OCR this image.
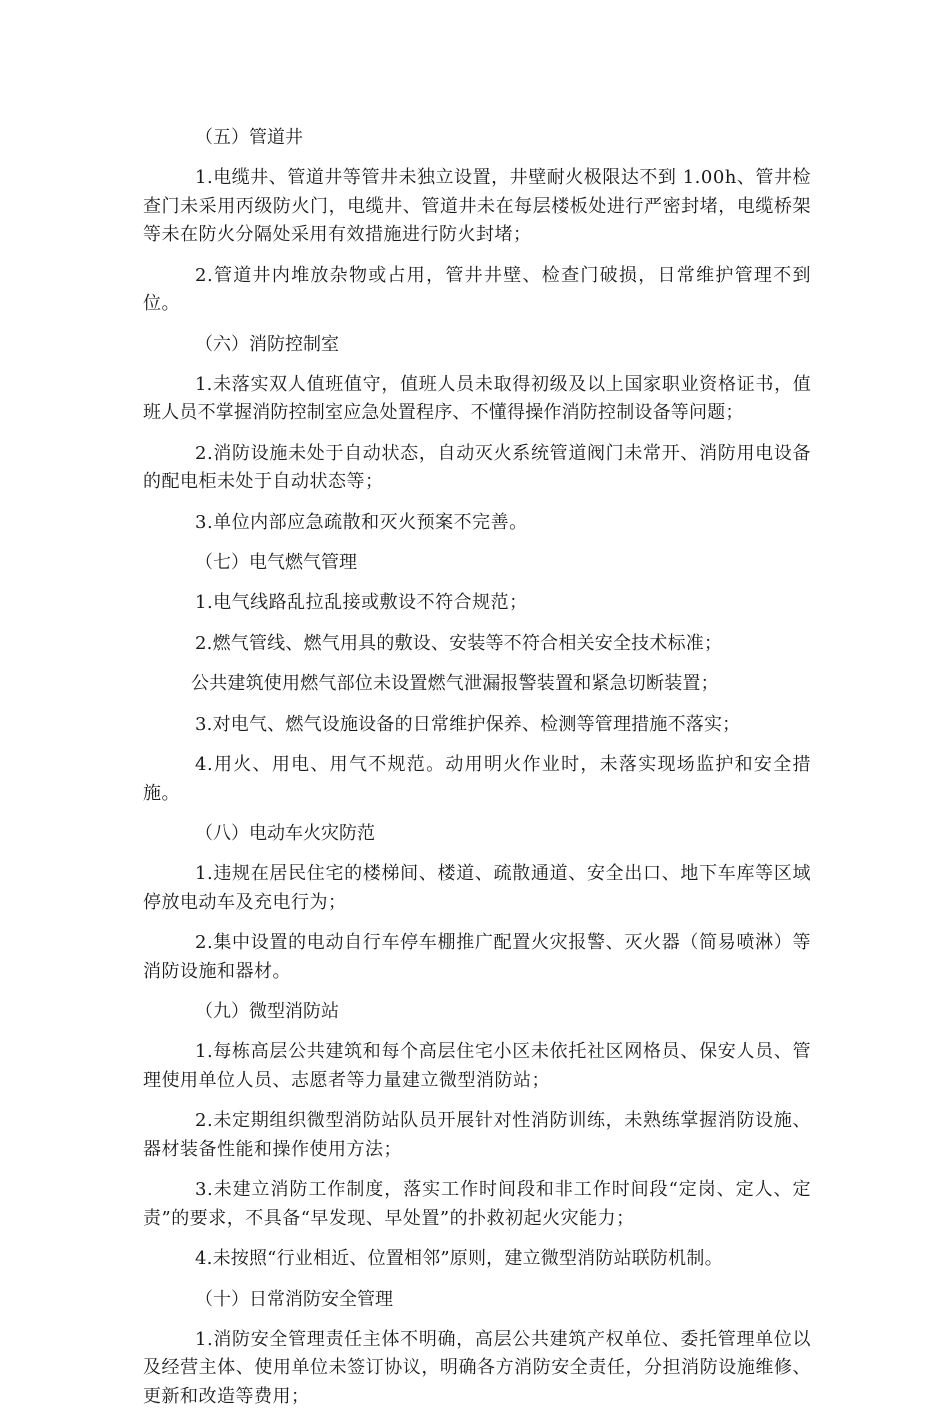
（五）管道井

1.电缆井、管道井等管井未独立设置，井壁耐火极限达不到 1.00h、管井检查门未采用丙级防火门，电缆井、管道井未在每层楼板处进行严密封堵，电缆桥架等未在防火分隔处采用有效措施进行防火封堵；

2.管道井内堆放杂物或占用，管井井壁、检查门破损，日常维护管理不到位。

（六）消防控制室

1.未落实双人值班值守，值班人员未取得初级及以上国家职业资格证书，值班人员不掌握消防控制室应急处置程序、不懂得操作消防控制设备等问题；

2.消防设施未处于自动状态，自动灭火系统管道阀门未常开、消防用电设备的配电柜未处于自动状态等；

3.单位内部应急疏散和灭火预案不完善。

（七）电气燃气管理

1.电气线路乱拉乱接或敷设不符合规范；

2.燃气管线、燃气用具的敷设、安装等不符合相关安全技术标准；

公共建筑使用燃气部位未设置燃气泄漏报警装置和紧急切断装置；

3.对电气、燃气设施设备的日常维护保养、检测等管理措施不落实；

4.用火、用电、用气不规范。动用明火作业时，未落实现场监护和安全措施。

（八）电动车火灾防范

1.违规在居民住宅的楼梯间、楼道、疏散通道、安全出口、地下车库等区域停放电动车及充电行为；

2.集中设置的电动自行车停车棚推广配置火灾报警、灭火器（简易喷淋）等消防设施和器材。

（九）微型消防站

1.每栋高层公共建筑和每个高层住宅小区未依托社区网格员、保安人员、管理使用单位人员、志愿者等力量建立微型消防站；

2.未定期组织微型消防站队员开展针对性消防训练，未熟练掌握消防设施、器材装备性能和操作使用方法；

3.未建立消防工作制度，落实工作时间段和非工作时间段“定岗、定人、定责”的要求，不具备“早发现、早处置”的扑救初起火灾能力；

4.未按照“行业相近、位置相邻”原则，建立微型消防站联防机制。

（十）日常消防安全管理

1.消防安全管理责任主体不明确，高层公共建筑产权单位、委托管理单位以及经营主体、使用单位未签订协议，明确各方消防安全责任，分担消防设施维修、更新和改造等费用；
